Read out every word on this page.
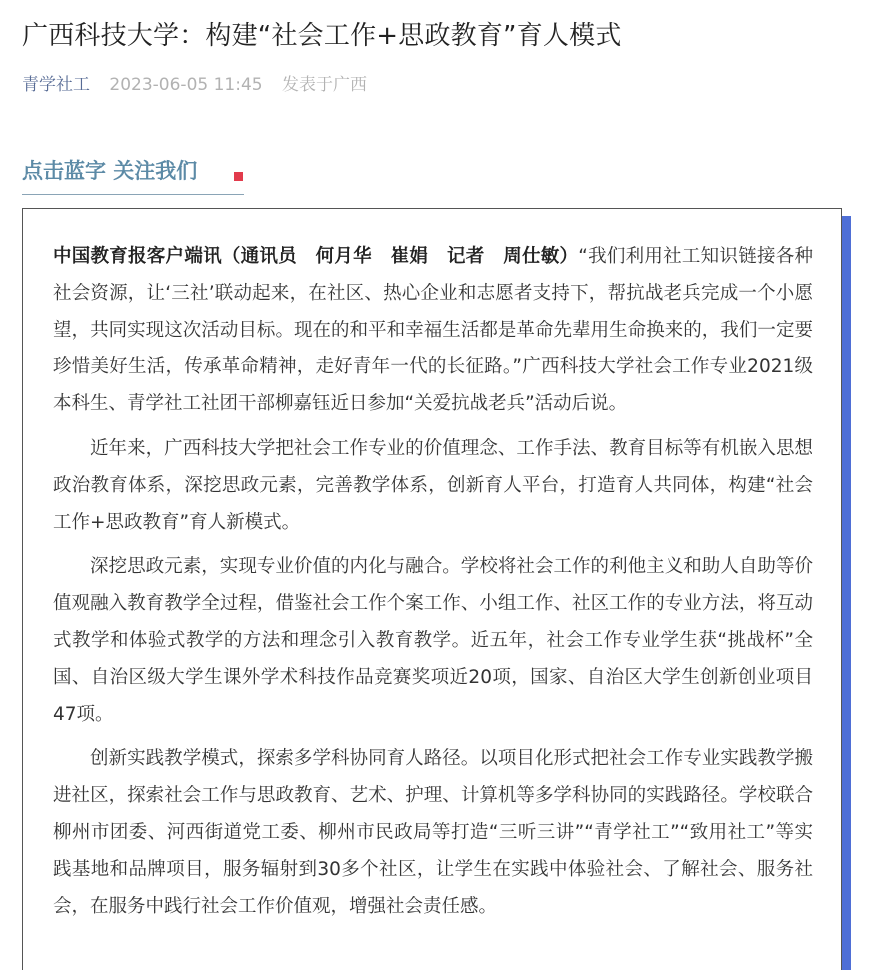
广西科技大学：构建“社会工作+思政教育”育人模式
青学社工 2023-06-05 11:45 发表于广西
点击蓝字 关注我们

中国教育报客户端讯（通讯员　何月华　崔娟　记者　周仕敏）“我们利用社工知识链接各种社会资源，让‘三社’联动起来，在社区、热心企业和志愿者支持下，帮抗战老兵完成一个小愿望，共同实现这次活动目标。现在的和平和幸福生活都是革命先辈用生命换来的，我们一定要珍惜美好生活，传承革命精神，走好青年一代的长征路。”广西科技大学社会工作专业2021级本科生、青学社工社团干部柳嘉钰近日参加“关爱抗战老兵”活动后说。

近年来，广西科技大学把社会工作专业的价值理念、工作手法、教育目标等有机嵌入思想政治教育体系，深挖思政元素，完善教学体系，创新育人平台，打造育人共同体，构建“社会工作+思政教育”育人新模式。

深挖思政元素，实现专业价值的内化与融合。学校将社会工作的利他主义和助人自助等价值观融入教育教学全过程，借鉴社会工作个案工作、小组工作、社区工作的专业方法，将互动式教学和体验式教学的方法和理念引入教育教学。近五年，社会工作专业学生获“挑战杯”全国、自治区级大学生课外学术科技作品竞赛奖项近20项，国家、自治区大学生创新创业项目47项。

创新实践教学模式，探索多学科协同育人路径。以项目化形式把社会工作专业实践教学搬进社区，探索社会工作与思政教育、艺术、护理、计算机等多学科协同的实践路径。学校联合柳州市团委、河西街道党工委、柳州市民政局等打造“三听三讲”“青学社工”“致用社工”等实践基地和品牌项目，服务辐射到30多个社区，让学生在实践中体验社会、了解社会、服务社会，在服务中践行社会工作价值观，增强社会责任感。
